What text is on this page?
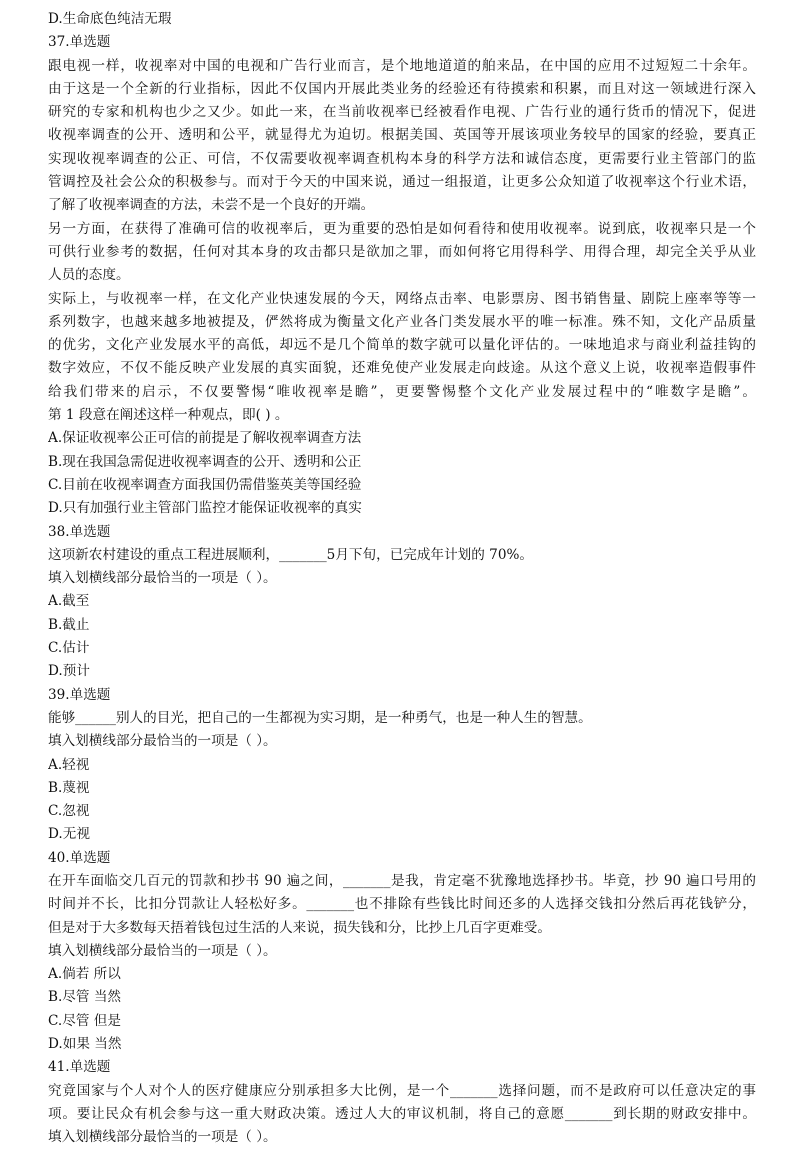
D.生命底色纯洁无瑕
37.单选题
跟电视一样，收视率对中国的电视和广告行业而言，是个地地道道的舶来品，在中国的应用不过短短二十余年。
由于这是一个全新的行业指标，因此不仅国内开展此类业务的经验还有待摸索和积累，而且对这一领域进行深入
研究的专家和机构也少之又少。如此一来，在当前收视率已经被看作电视、广告行业的通行货币的情况下，促进
收视率调查的公开、透明和公平，就显得尤为迫切。根据美国、英国等开展该项业务较早的国家的经验，要真正
实现收视率调查的公正、可信，不仅需要收视率调查机构本身的科学方法和诚信态度，更需要行业主管部门的监
管调控及社会公众的积极参与。而对于今天的中国来说，通过一组报道，让更多公众知道了收视率这个行业术语，
了解了收视率调查的方法，未尝不是一个良好的开端。
另一方面，在获得了准确可信的收视率后，更为重要的恐怕是如何看待和使用收视率。说到底，收视率只是一个
可供行业参考的数据，任何对其本身的攻击都只是欲加之罪，而如何将它用得科学、用得合理，却完全关乎从业
人员的态度。
实际上，与收视率一样，在文化产业快速发展的今天，网络点击率、电影票房、图书销售量、剧院上座率等等一
系列数字，也越来越多地被提及，俨然将成为衡量文化产业各门类发展水平的唯一标准。殊不知，文化产品质量
的优劣，文化产业发展水平的高低，却远不是几个简单的数字就可以量化评估的。一味地追求与商业利益挂钩的
数字效应，不仅不能反映产业发展的真实面貌，还难免使产业发展走向歧途。从这个意义上说，收视率造假事件
给我们带来的启示，不仅要警惕“唯收视率是瞻”，更要警惕整个文化产业发展过程中的“唯数字是瞻”。
第 1 段意在阐述这样一种观点，即( ) 。
A.保证收视率公正可信的前提是了解收视率调查方法
B.现在我国急需促进收视率调查的公开、透明和公正
C.目前在收视率调查方面我国仍需借鉴英美等国经验
D.只有加强行业主管部门监控才能保证收视率的真实
38.单选题
这项新农村建设的重点工程进展顺利，_______5月下旬，已完成年计划的 70%。
填入划横线部分最恰当的一项是（ ）。
A.截至
B.截止
C.估计
D.预计
39.单选题
能够______别人的目光，把自己的一生都视为实习期，是一种勇气，也是一种人生的智慧。
填入划横线部分最恰当的一项是（ ）。
A.轻视
B.蔑视
C.忽视
D.无视
40.单选题
在开车面临交几百元的罚款和抄书 90 遍之间，_______是我，肯定毫不犹豫地选择抄书。毕竟，抄 90 遍口号用的
时间并不长，比扣分罚款让人轻松好多。_______也不排除有些钱比时间还多的人选择交钱扣分然后再花钱铲分，
但是对于大多数每天捂着钱包过生活的人来说，损失钱和分，比抄上几百字更难受。
填入划横线部分最恰当的一项是（ ）。
A.倘若 所以
B.尽管 当然
C.尽管 但是
D.如果 当然
41.单选题
究竟国家与个人对个人的医疗健康应分别承担多大比例，是一个_______选择问题，而不是政府可以任意决定的事
项。要让民众有机会参与这一重大财政决策。透过人大的审议机制，将自己的意愿_______到长期的财政安排中。
填入划横线部分最恰当的一项是（ ）。
